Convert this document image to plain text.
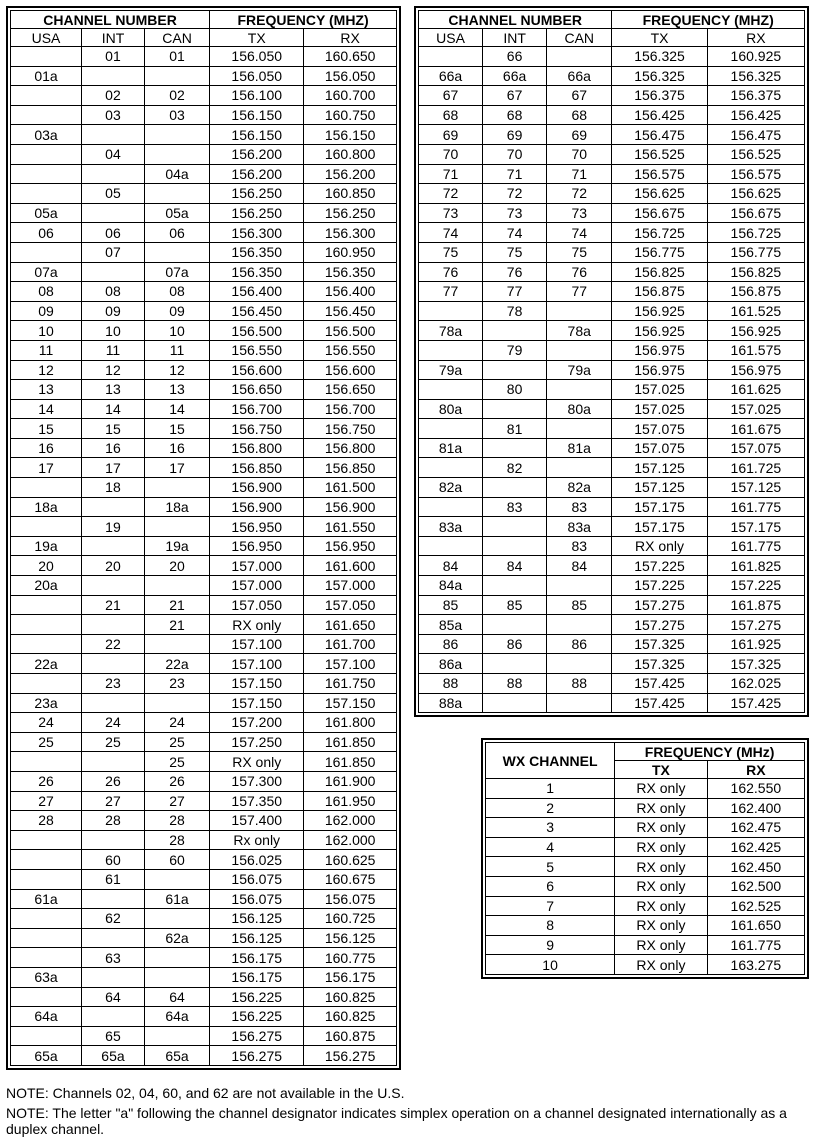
CHANNEL NUMBER			FREQUENCY (MHZ)	
USA	INT	CAN	TX	RX
	01	01	156.050	160.650
01a			156.050	156.050
	02	02	156.100	160.700
	03	03	156.150	160.750
03a			156.150	156.150
	04		156.200	160.800
		04a	156.200	156.200
	05		156.250	160.850
05a		05a	156.250	156.250
06	06	06	156.300	156.300
	07		156.350	160.950
07a		07a	156.350	156.350
08	08	08	156.400	156.400
09	09	09	156.450	156.450
10	10	10	156.500	156.500
11	11	11	156.550	156.550
12	12	12	156.600	156.600
13	13	13	156.650	156.650
14	14	14	156.700	156.700
15	15	15	156.750	156.750
16	16	16	156.800	156.800
17	17	17	156.850	156.850
	18		156.900	161.500
18a		18a	156.900	156.900
	19		156.950	161.550
19a		19a	156.950	156.950
20	20	20	157.000	161.600
20a			157.000	157.000
	21	21	157.050	157.050
		21	RX only	161.650
	22		157.100	161.700
22a		22a	157.100	157.100
	23	23	157.150	161.750
23a			157.150	157.150
24	24	24	157.200	161.800
25	25	25	157.250	161.850
		25	RX only	161.850
26	26	26	157.300	161.900
27	27	27	157.350	161.950
28	28	28	157.400	162.000
		28	Rx only	162.000
	60	60	156.025	160.625
	61		156.075	160.675
61a		61a	156.075	156.075
	62		156.125	160.725
		62a	156.125	156.125
	63		156.175	160.775
63a			156.175	156.175
	64	64	156.225	160.825
64a		64a	156.225	160.825
	65		156.275	160.875
65a	65a	65a	156.275	156.275
CHANNEL NUMBER			FREQUENCY (MHZ)	
USA	INT	CAN	TX	RX
	66		156.325	160.925
66a	66a	66a	156.325	156.325
67	67	67	156.375	156.375
68	68	68	156.425	156.425
69	69	69	156.475	156.475
70	70	70	156.525	156.525
71	71	71	156.575	156.575
72	72	72	156.625	156.625
73	73	73	156.675	156.675
74	74	74	156.725	156.725
75	75	75	156.775	156.775
76	76	76	156.825	156.825
77	77	77	156.875	156.875
	78		156.925	161.525
78a		78a	156.925	156.925
	79		156.975	161.575
79a		79a	156.975	156.975
	80		157.025	161.625
80a		80a	157.025	157.025
	81		157.075	161.675
81a		81a	157.075	157.075
	82		157.125	161.725
82a		82a	157.125	157.125
	83	83	157.175	161.775
83a		83a	157.175	157.175
		83	RX only	161.775
84	84	84	157.225	161.825
84a			157.225	157.225
85	85	85	157.275	161.875
85a			157.275	157.275
86	86	86	157.325	161.925
86a			157.325	157.325
88	88	88	157.425	162.025
88a			157.425	157.425
WX CHANNEL	FREQUENCY (MHz)	
	TX	RX
1	RX only	162.550
2	RX only	162.400
3	RX only	162.475
4	RX only	162.425
5	RX only	162.450
6	RX only	162.500
7	RX only	162.525
8	RX only	161.650
9	RX only	161.775
10	RX only	163.275

NOTE: Channels 02, 04, 60, and 62 are not available in the U.S.

NOTE: The letter "a" following the channel designator indicates simplex operation on a channel designated internationally as a duplex channel.
